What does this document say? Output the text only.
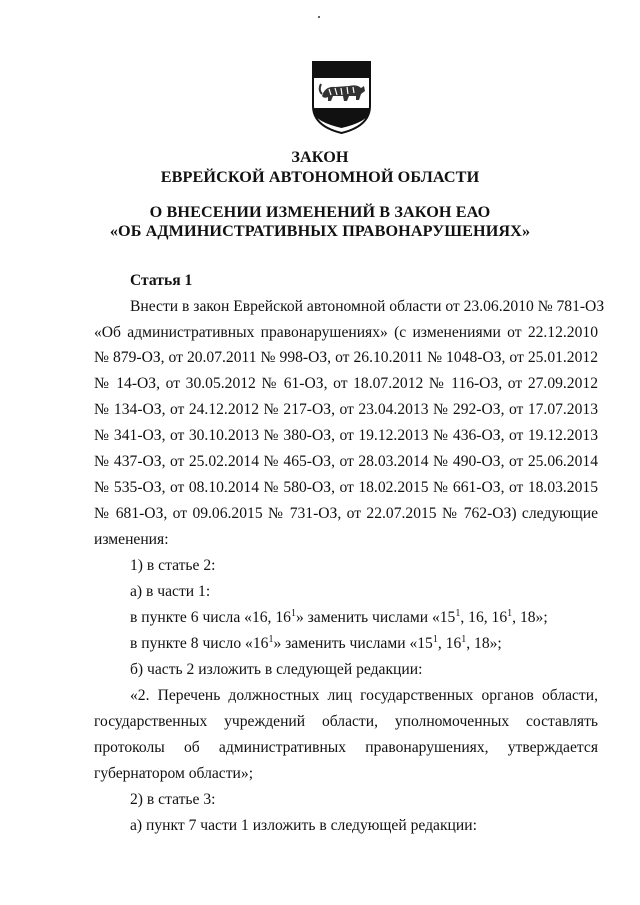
ЗАКОН
ЕВРЕЙСКОЙ АВТОНОМНОЙ ОБЛАСТИ
О ВНЕСЕНИИ ИЗМЕНЕНИЙ В ЗАКОН ЕАО
«ОБ АДМИНИСТРАТИВНЫХ ПРАВОНАРУШЕНИЯХ»
Статья 1
Внести в закон Еврейской автономной области от 23.06.2010 № 781-ОЗ
«Об административных правонарушениях» (с изменениями от 22.12.2010
№ 879-ОЗ, от 20.07.2011 № 998-ОЗ, от 26.10.2011 № 1048-ОЗ, от 25.01.2012
№ 14-ОЗ, от 30.05.2012 № 61-ОЗ, от 18.07.2012 № 116-ОЗ, от 27.09.2012
№ 134-ОЗ, от 24.12.2012 № 217-ОЗ, от 23.04.2013 № 292-ОЗ, от 17.07.2013
№ 341-ОЗ, от 30.10.2013 № 380-ОЗ, от 19.12.2013 № 436-ОЗ, от 19.12.2013
№ 437-ОЗ, от 25.02.2014 № 465-ОЗ, от 28.03.2014 № 490-ОЗ, от 25.06.2014
№ 535-ОЗ, от 08.10.2014 № 580-ОЗ, от 18.02.2015 № 661-ОЗ, от 18.03.2015
№ 681-ОЗ, от 09.06.2015 № 731-ОЗ, от 22.07.2015 № 762-ОЗ) следующие
изменения:
1) в статье 2:
а) в части 1:
в пункте 6 числа «16, $16^1$» заменить числами «$15^1$, 16, $16^1$, 18»;
в пункте 8 число «$16^1$» заменить числами «$15^1$, $16^1$, 18»;
б) часть 2 изложить в следующей редакции:
«2. Перечень должностных лиц государственных органов области,
государственных учреждений области, уполномоченных составлять
протоколы об административных правонарушениях, утверждается
губернатором области»;
2) в статье 3:
а) пункт 7 части 1 изложить в следующей редакции:
